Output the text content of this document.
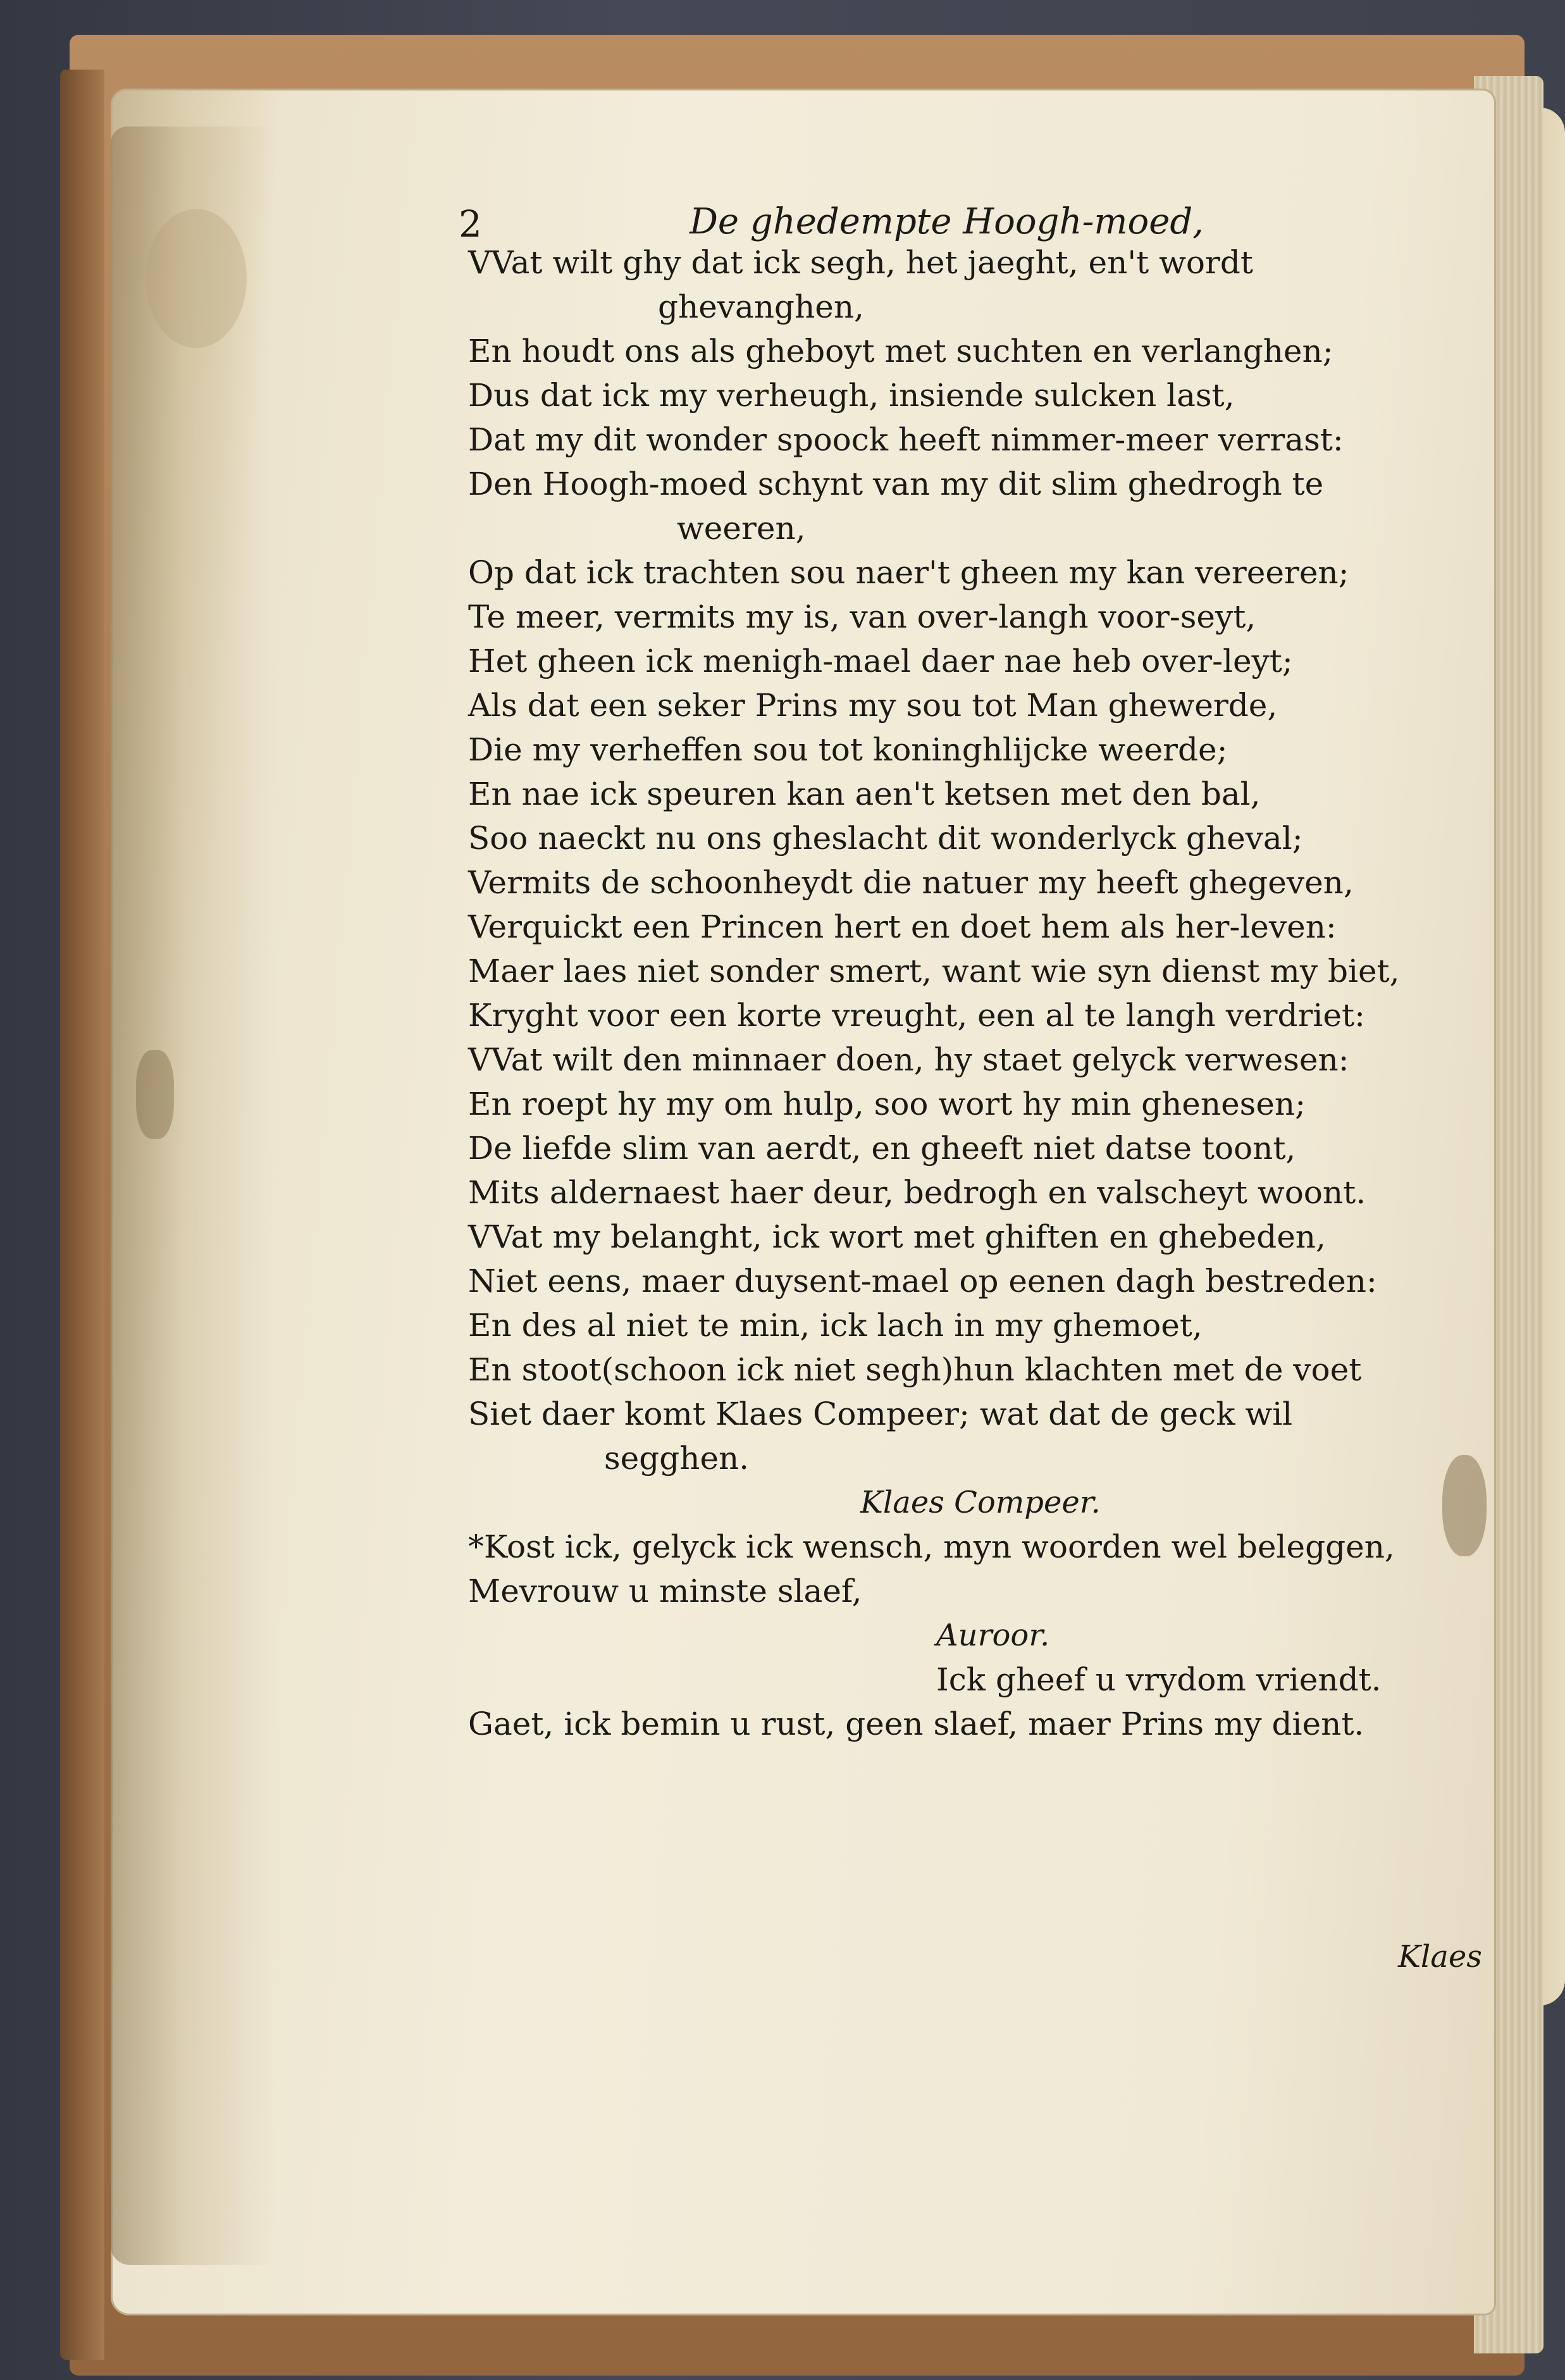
2	De ghedempte Hoogh-moed,
VVat wilt ghy dat ick segh, het jaeght, en't wordt
ghevanghen,
En houdt ons als gheboyt met suchten en verlanghen;
Dus dat ick my verheugh, insiende sulcken last,
Dat my dit wonder spoock heeft nimmer-meer verrast:
Den Hoogh-moed schynt van my dit slim ghedrogh te
weeren,
Op dat ick trachten sou naer't gheen my kan vereeren;
Te meer, vermits my is, van over-langh voor-seyt,
Het gheen ick menigh-mael daer nae heb over-leyt;
Als dat een seker Prins my sou tot Man ghewerde,
Die my verheffen sou tot koninghlijcke weerde;
En nae ick speuren kan aen't ketsen met den bal,
Soo naeckt nu ons gheslacht dit wonderlyck gheval;
Vermits de schoonheydt die natuer my heeft ghegeven,
Verquickt een Princen hert en doet hem als her-leven:
Maer laes niet sonder smert, want wie syn dienst my biet,
Kryght voor een korte vreught, een al te langh verdriet:
VVat wilt den minnaer doen, hy staet gelyck verwesen:
En roept hy my om hulp, soo wort hy min ghenesen;
De liefde slim van aerdt, en gheeft niet datse toont,
Mits aldernaest haer deur, bedrogh en valscheyt woont.
VVat my belanght, ick wort met ghiften en ghebeden,
Niet eens, maer duysent-mael op eenen dagh bestreden:
En des al niet te min, ick lach in my ghemoet,
En stoot(schoon ick niet segh)hun klachten met de voet
Siet daer komt Klaes Compeer; wat dat de geck wil
segghen.
Klaes Compeer.
*Kost ick, gelyck ick wensch, myn woorden wel beleggen,
Mevrouw u minste slaef,
Auroor.
Ick gheef u vrydom vriendt.
Gaet, ick bemin u rust, geen slaef, maer Prins my dient.
Klaes
